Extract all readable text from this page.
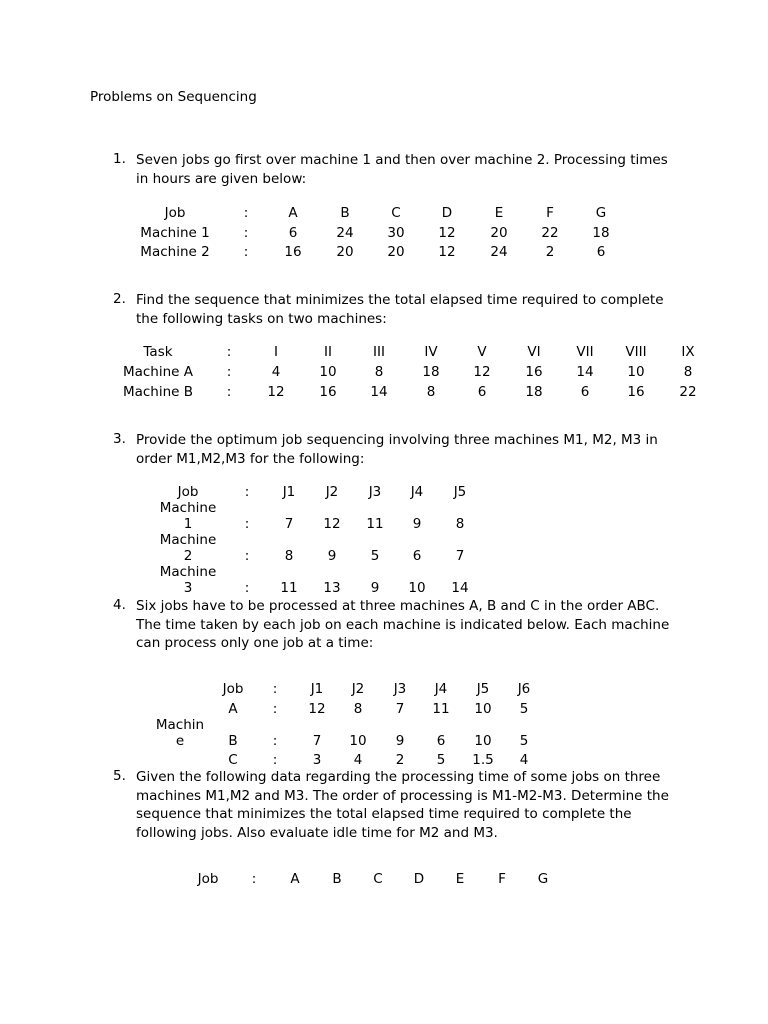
Problems on Sequencing
1. Seven jobs go first over machine 1 and then over machine 2. Processing times
in hours are given below:
Job	:	A	B	C	D	E	F	G
Machine 1	:	6	24	30	12	20	22	18
Machine 2	:	16	20	20	12	24	2	6
2. Find the sequence that minimizes the total elapsed time required to complete
the following tasks on two machines:
Task	:	I	II	III	IV	V	VI	VII	VIII	IX
Machine A	:	4	10	8	18	12	16	14	10	8
Machine B	:	12	16	14	8	6	18	6	16	22
3. Provide the optimum job sequencing involving three machines M1, M2, M3 in
order M1,M2,M3 for the following:
Job	:	J1	J2	J3	J4	J5
Machine
1	:	7	12	11	9	8
Machine
2	:	8	9	5	6	7
Machine
3	:	11	13	9	10	14
4. Six jobs have to be processed at three machines A, B and C in the order ABC.
The time taken by each job on each machine is indicated below. Each machine
can process only one job at a time:
Job	:	J1	J2	J3	J4	J5	J6
A	:	12	8	7	11	10	5
B	:	7	10	9	6	10	5
C	:	3	4	2	5	1.5	4
Machin
e
5. Given the following data regarding the processing time of some jobs on three
machines M1,M2 and M3. The order of processing is M1-M2-M3. Determine the
sequence that minimizes the total elapsed time required to complete the
following jobs. Also evaluate idle time for M2 and M3.
Job	:	A	B	C	D	E	F	G
